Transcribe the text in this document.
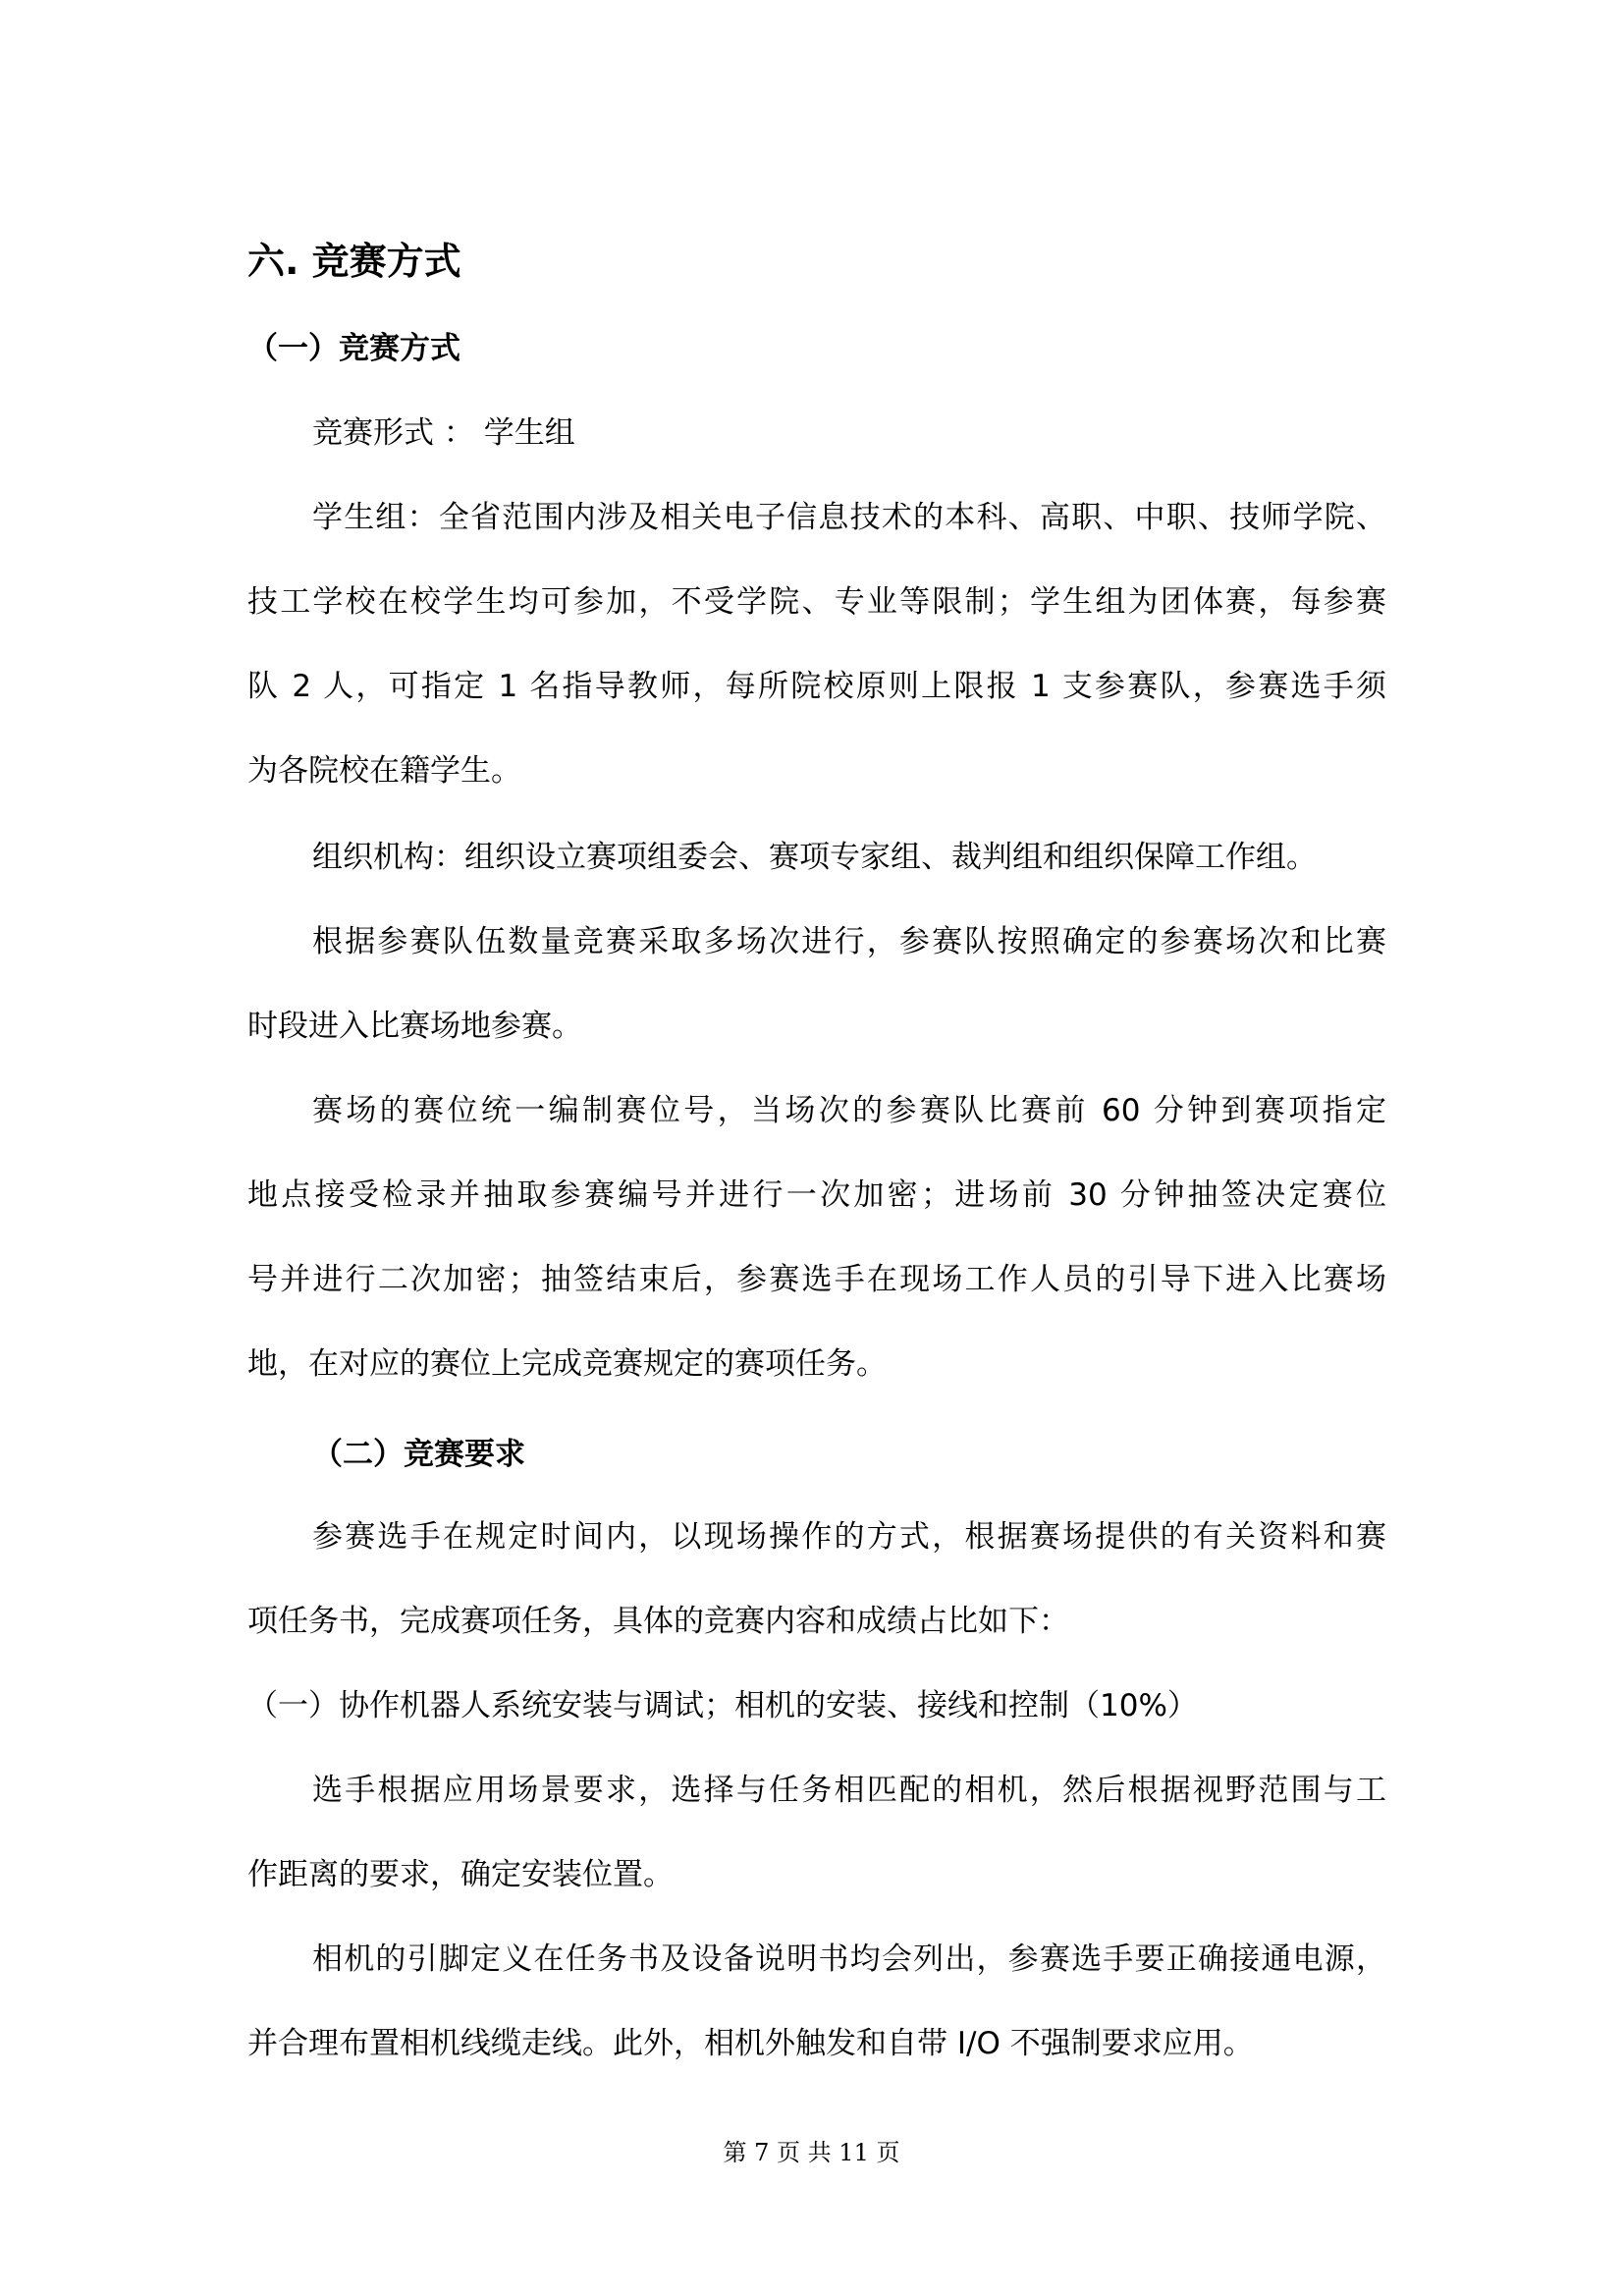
六. 竞赛方式
（一）竞赛方式
竞赛形式 ： 学生组
学生组：全省范围内涉及相关电子信息技术的本科、高职、中职、技师学院、
技工学校在校学生均可参加，不受学院、专业等限制；学生组为团体赛，每参赛
队 2 人，可指定 1 名指导教师，每所院校原则上限报 1 支参赛队，参赛选手须
为各院校在籍学生。
组织机构：组织设立赛项组委会、赛项专家组、裁判组和组织保障工作组。
根据参赛队伍数量竞赛采取多场次进行，参赛队按照确定的参赛场次和比赛
时段进入比赛场地参赛。
赛场的赛位统一编制赛位号，当场次的参赛队比赛前 60 分钟到赛项指定
地点接受检录并抽取参赛编号并进行一次加密；进场前 30 分钟抽签决定赛位
号并进行二次加密；抽签结束后，参赛选手在现场工作人员的引导下进入比赛场
地，在对应的赛位上完成竞赛规定的赛项任务。
（二）竞赛要求
参赛选手在规定时间内，以现场操作的方式，根据赛场提供的有关资料和赛
项任务书，完成赛项任务，具体的竞赛内容和成绩占比如下：
（一）协作机器人系统安装与调试；相机的安装、接线和控制（10%）
选手根据应用场景要求，选择与任务相匹配的相机，然后根据视野范围与工
作距离的要求，确定安装位置。
相机的引脚定义在任务书及设备说明书均会列出，参赛选手要正确接通电源，
并合理布置相机线缆走线。此外，相机外触发和自带 I/O 不强制要求应用。
第 7 页 共 11 页
